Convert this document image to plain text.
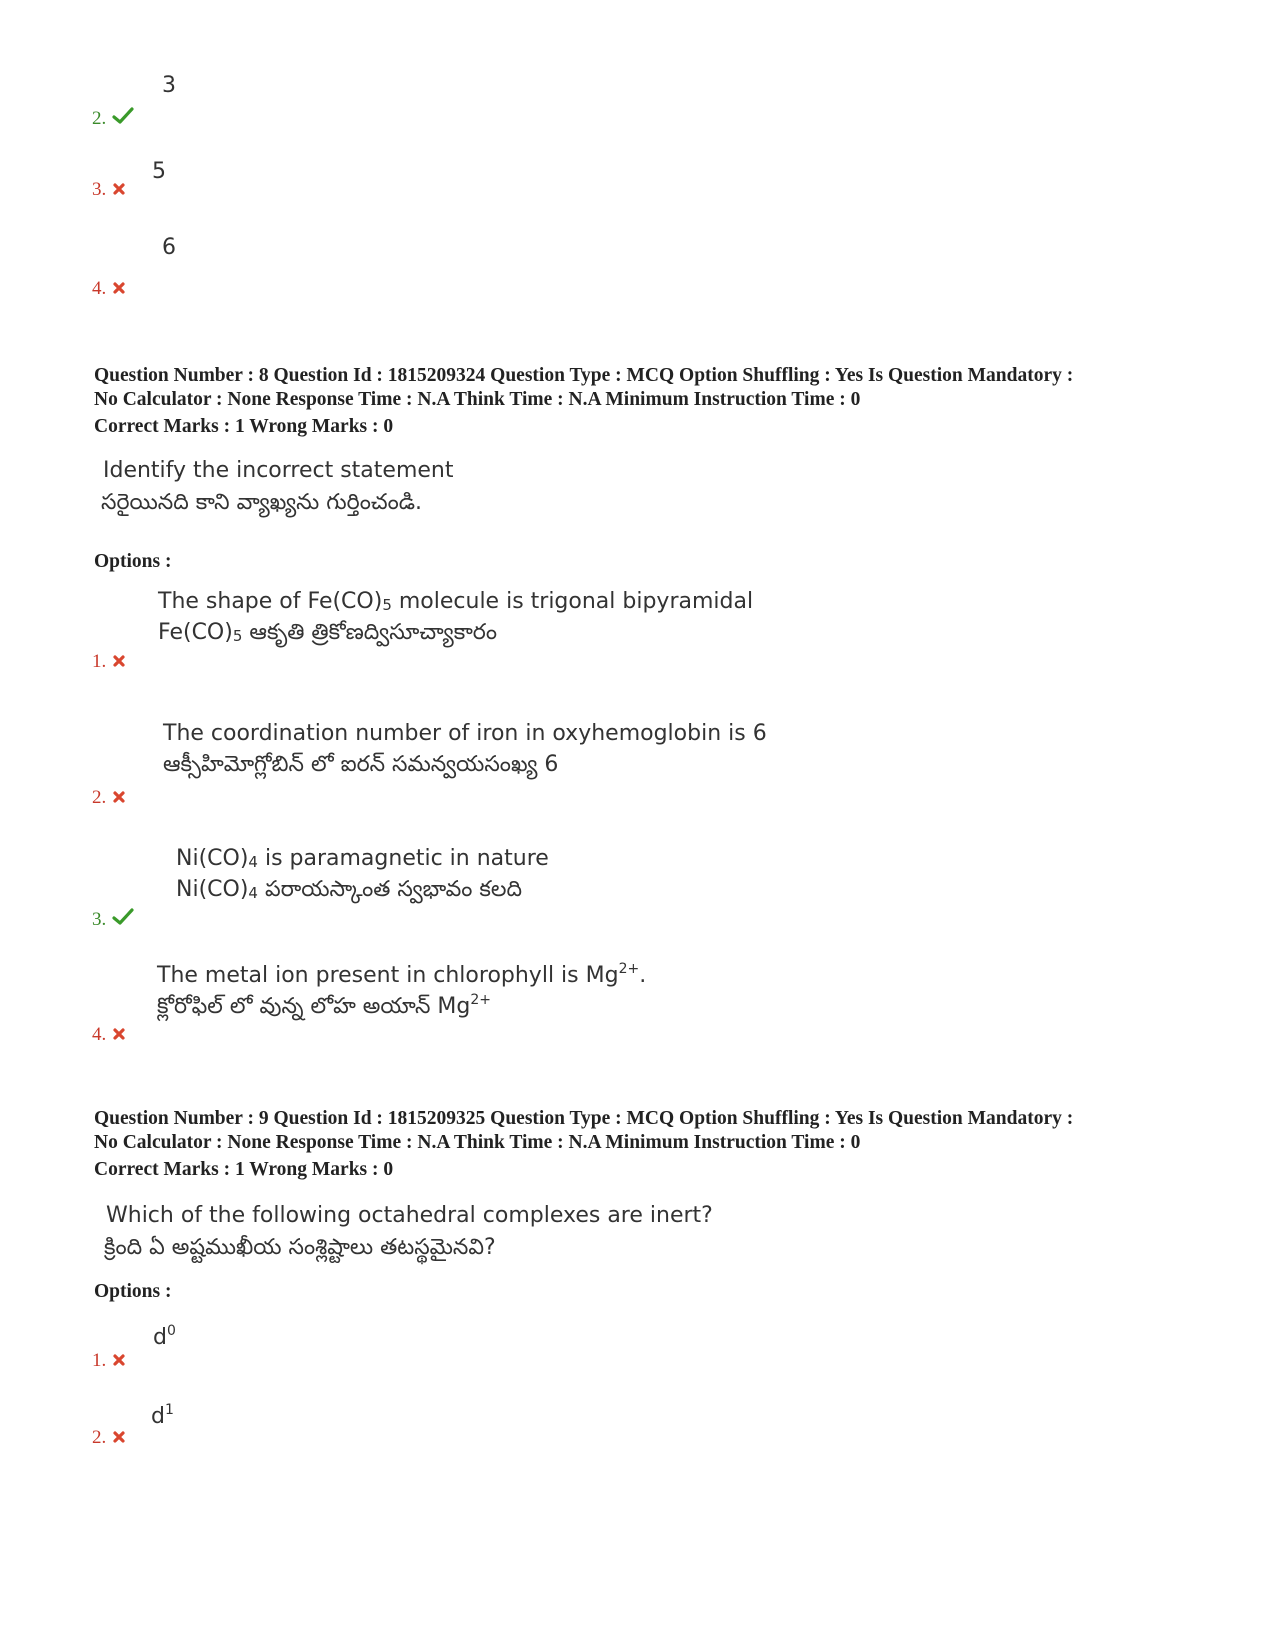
3
2.
5
3.
6
4.
Question Number : 8 Question Id : 1815209324 Question Type : MCQ Option Shuffling : Yes Is Question Mandatory :
No Calculator : None Response Time : N.A Think Time : N.A Minimum Instruction Time : 0
Correct Marks : 1 Wrong Marks : 0
Identify the incorrect statement
సరైయినది కాని వ్యాఖ్యను గుర్తించండి.
Options :
The shape of $Fe(CO)_5$ molecule is trigonal bipyramidal
$Fe(CO)_5$ ఆకృతి త్రికోణద్విసూచ్యాకారం
1.
The coordination number of iron in oxyhemoglobin is 6
ఆక్సీహిమోగ్లోబిన్ లో ఐరన్ సమన్వయసంఖ్య 6
2.
$Ni(CO)_4$ is paramagnetic in nature
$Ni(CO)_4$ పరాయస్కాంత స్వభావం కలది
3.
The metal ion present in chlorophyll is $Mg^{2+}$.
క్లోరోఫిల్ లో వున్న లోహ అయాన్ $Mg^{2+}$
4.
Question Number : 9 Question Id : 1815209325 Question Type : MCQ Option Shuffling : Yes Is Question Mandatory :
No Calculator : None Response Time : N.A Think Time : N.A Minimum Instruction Time : 0
Correct Marks : 1 Wrong Marks : 0
Which of the following octahedral complexes are inert?
క్రింది ఏ అష్టముఖీయ సంశ్లిష్టాలు తటస్థమైనవి?
Options :
$d^0$
1.
$d^1$
2.
